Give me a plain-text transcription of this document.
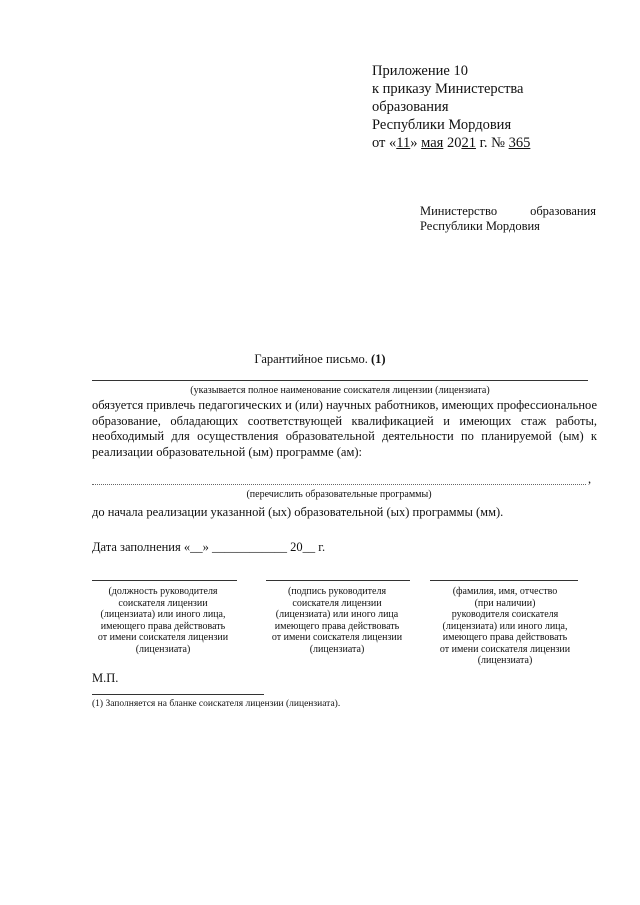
Приложение 10
к приказу Министерства
образования
Республики Мордовия
от «11» мая 2021 г. № 365
Министерство	образования
Республики Мордовия
Гарантийное письмо. (1)
(указывается полное наименование соискателя лицензии (лицензиата)
обязуется привлечь педагогических и (или) научных работников, имеющих профессиональное образование, обладающих соответствующей квалификацией и имеющих стаж работы, необходимый для осуществления образовательной деятельности по планируемой (ым) к реализации образовательной (ым) программе (ам):
,
(перечислить образовательные программы)
до начала реализации указанной (ых) образовательной (ых) программы (мм).
Дата заполнения «__» ____________ 20__ г.
(должность руководителя
соискателя лицензии
(лицензиата) или иного лица,
имеющего права действовать
от имени соискателя лицензии
(лицензиата)
(подпись руководителя
соискателя лицензии
(лицензиата) или иного лица
имеющего права действовать
от имени соискателя лицензии
(лицензиата)
(фамилия, имя, отчество
(при наличии)
руководителя соискателя
(лицензиата) или иного лица,
имеющего права действовать
от имени соискателя лицензии
(лицензиата)
М.П.
(1) Заполняется на бланке соискателя лицензии (лицензиата).
